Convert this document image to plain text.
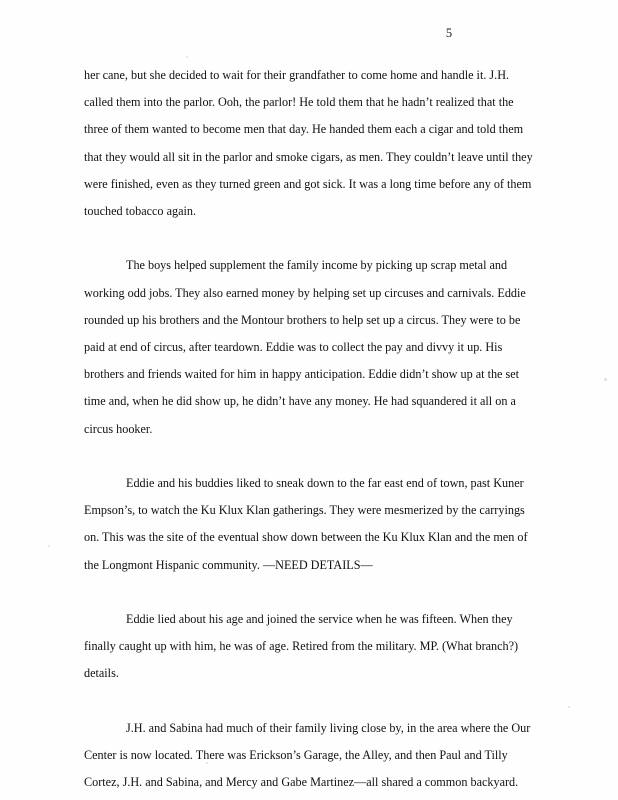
5

her cane, but she decided to wait for their grandfather to come home and handle it. J.H. called them into the parlor. Ooh, the parlor! He told them that he hadn’t realized that the three of them wanted to become men that day. He handed them each a cigar and told them that they would all sit in the parlor and smoke cigars, as men. They couldn’t leave until they were finished, even as they turned green and got sick. It was a long time before any of them touched tobacco again.

The boys helped supplement the family income by picking up scrap metal and working odd jobs. They also earned money by helping set up circuses and carnivals. Eddie rounded up his brothers and the Montour brothers to help set up a circus. They were to be paid at end of circus, after teardown. Eddie was to collect the pay and divvy it up. His brothers and friends waited for him in happy anticipation. Eddie didn’t show up at the set time and, when he did show up, he didn’t have any money. He had squandered it all on a circus hooker.

Eddie and his buddies liked to sneak down to the far east end of town, past Kuner Empson’s, to watch the Ku Klux Klan gatherings. They were mesmerized by the carryings on. This was the site of the eventual show down between the Ku Klux Klan and the men of the Longmont Hispanic community. —NEED DETAILS—

Eddie lied about his age and joined the service when he was fifteen. When they finally caught up with him, he was of age. Retired from the military. MP. (What branch?) details.

J.H. and Sabina had much of their family living close by, in the area where the Our Center is now located. There was Erickson’s Garage, the Alley, and then Paul and Tilly Cortez, J.H. and Sabina, and Mercy and Gabe Martinez—all shared a common backyard.
